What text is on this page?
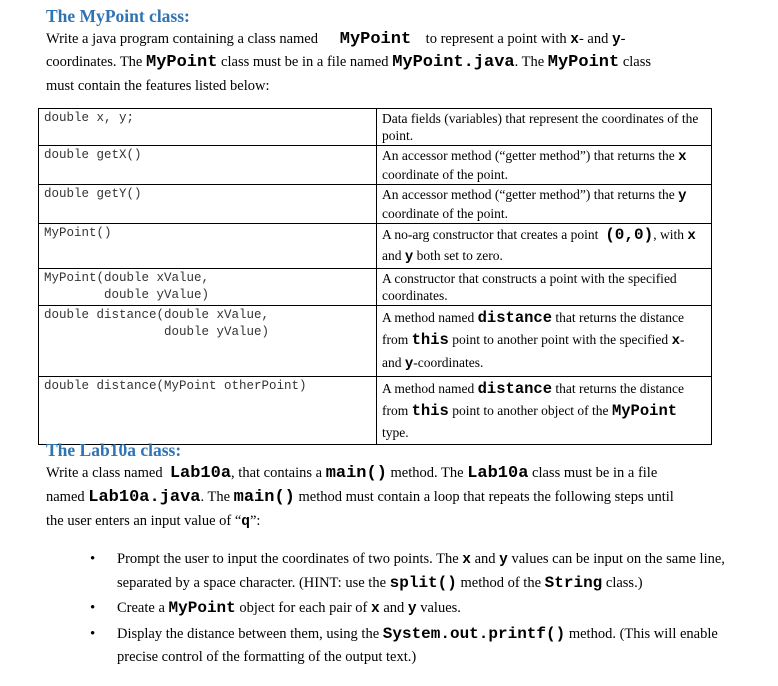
The MyPoint class:

Write a java program containing a class named MyPoint to represent a point with x- and y-

coordinates. The MyPoint class must be in a file named MyPoint.java. The MyPoint class

must contain the features listed below:

double x, y;	Data fields (variables) that represent the coordinates of the point.
double getX()	An accessor method (“getter method”) that returns the x coordinate of the point.
double getY()	An accessor method (“getter method”) that returns the y coordinate of the point.
MyPoint()	A no-arg constructor that creates a point (0,0), with x and y both set to zero.
MyPoint(double xValue,
double yValue)	A constructor that constructs a point with the specified coordinates.
double distance(double xValue,
double yValue)	A method named distance that returns the distance from this point to another point with the specified x- and y-coordinates.
double distance(MyPoint otherPoint)	A method named distance that returns the distance from this point to another object of the MyPoint type.
The Lab10a class:

Write a class named Lab10a, that contains a main() method. The Lab10a class must be in a file

named Lab10a.java. The main() method must contain a loop that repeats the following steps until

the user enters an input value of “q”:

• Prompt the user to input the coordinates of two points. The x and y values can be input on the same line, separated by a space character. (HINT: use the split() method of the String class.)
• Create a MyPoint object for each pair of x and y values.
• Display the distance between them, using the System.out.printf() method. (This will enable precise control of the formatting of the output text.)
